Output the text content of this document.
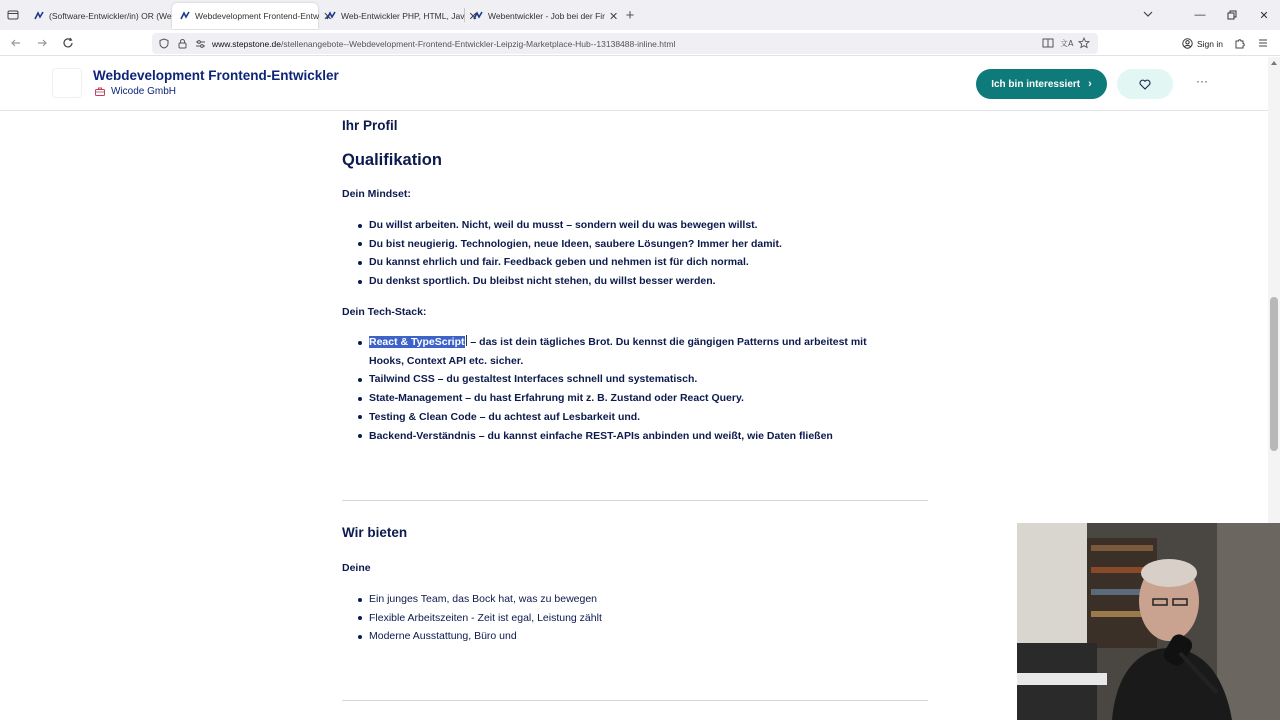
(Software-Entwickler/in) OR (We	Webdevelopment Frontend-Entw ✕ Web-Entwickler PHP, HTML, Jav ✕ Webentwickler - Job bei der Fir ✕ +	—	✕
www.stepstone.de /stellenangebote--Webdevelopment-Frontend-Entwickler-Leipzig-Marketplace-Hub--13138488-inline.html	文A	Sign in
Webdevelopment Frontend-Entwickler
Wicode GmbH
Ich bin interessiert ›	···
Ihr Profil
Qualifikation
Dein Mindset:
Du willst arbeiten. Nicht, weil du musst – sondern weil du was bewegen willst.
Du bist neugierig. Technologien, neue Ideen, saubere Lösungen? Immer her damit.
Du kannst ehrlich und fair. Feedback geben und nehmen ist für dich normal.
Du denkst sportlich. Du bleibst nicht stehen, du willst besser werden.
Dein Tech-Stack:
React & TypeScript – das ist dein tägliches Brot. Du kennst die gängigen Patterns und arbeitest mit
Hooks, Context API etc. sicher.
Tailwind CSS – du gestaltest Interfaces schnell und systematisch.
State-Management – du hast Erfahrung mit z. B. Zustand oder React Query.
Testing & Clean Code – du achtest auf Lesbarkeit und.
Backend-Verständnis – du kannst einfache REST-APIs anbinden und weißt, wie Daten fließen
Wir bieten
Deine
Ein junges Team, das Bock hat, was zu bewegen
Flexible Arbeitszeiten - Zeit ist egal, Leistung zählt
Moderne Ausstattung, Büro und
